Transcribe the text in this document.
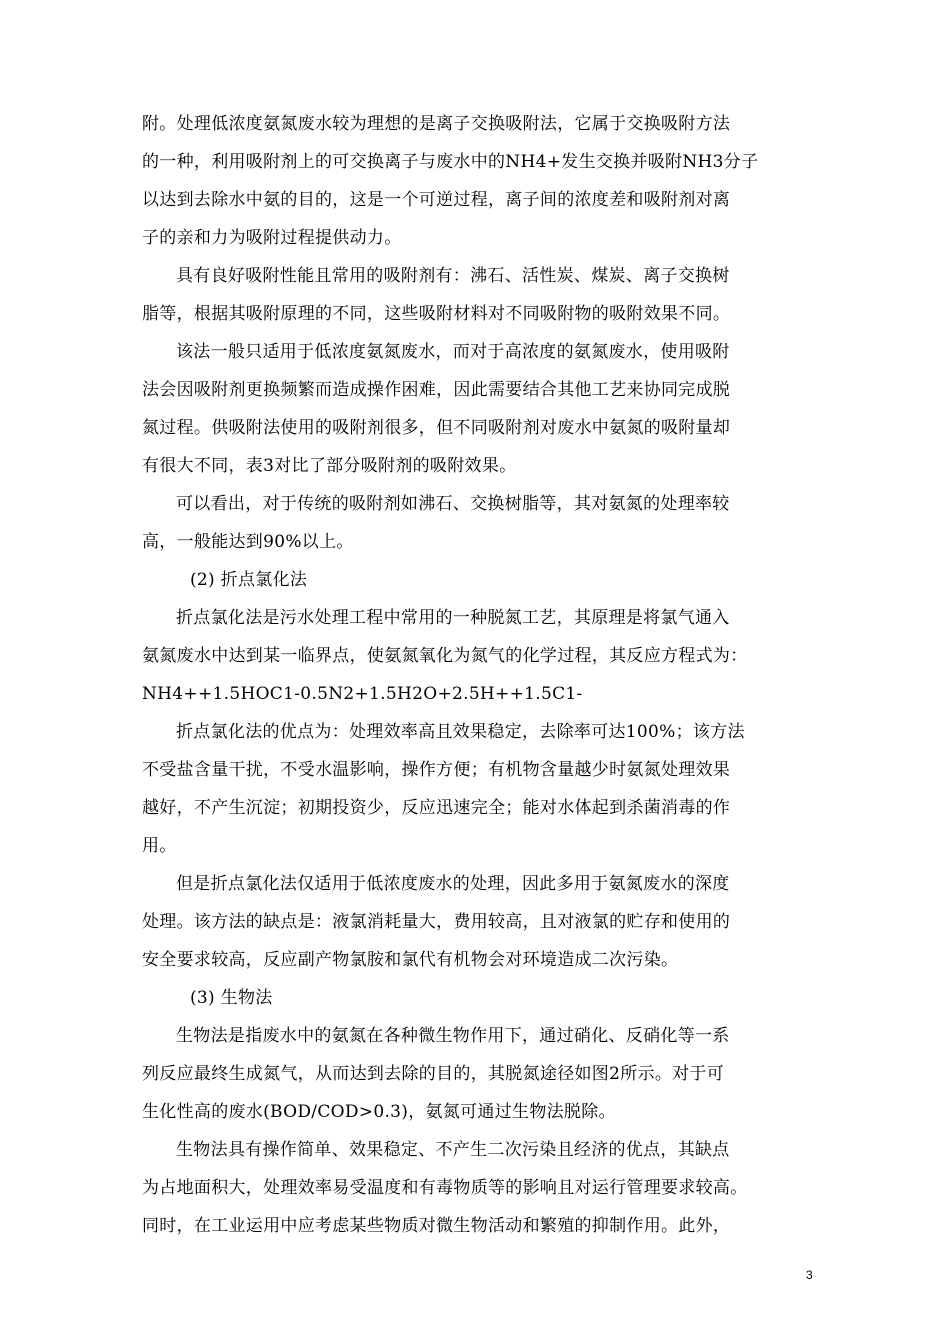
附。处理低浓度氨氮废水较为理想的是离子交换吸附法，它属于交换吸附方法
的一种，利用吸附剂上的可交换离子与废水中的NH4+发生交换并吸附NH3分子
以达到去除水中氨的目的，这是一个可逆过程，离子间的浓度差和吸附剂对离
子的亲和力为吸附过程提供动力。
具有良好吸附性能且常用的吸附剂有：沸石、活性炭、煤炭、离子交换树
脂等，根据其吸附原理的不同，这些吸附材料对不同吸附物的吸附效果不同。
该法一般只适用于低浓度氨氮废水，而对于高浓度的氨氮废水，使用吸附
法会因吸附剂更换频繁而造成操作困难，因此需要结合其他工艺来协同完成脱
氮过程。供吸附法使用的吸附剂很多，但不同吸附剂对废水中氨氮的吸附量却
有很大不同，表3对比了部分吸附剂的吸附效果。
可以看出，对于传统的吸附剂如沸石、交换树脂等，其对氨氮的处理率较
高，一般能达到90%以上。
(2) 折点氯化法
折点氯化法是污水处理工程中常用的一种脱氮工艺，其原理是将氯气通入
氨氮废水中达到某一临界点，使氨氮氧化为氮气的化学过程，其反应方程式为：
NH4++1.5HOC1-0.5N2+1.5H2O+2.5H++1.5C1-
折点氯化法的优点为：处理效率高且效果稳定，去除率可达100%；该方法
不受盐含量干扰，不受水温影响，操作方便；有机物含量越少时氨氮处理效果
越好，不产生沉淀；初期投资少，反应迅速完全；能对水体起到杀菌消毒的作
用。
但是折点氯化法仅适用于低浓度废水的处理，因此多用于氨氮废水的深度
处理。该方法的缺点是：液氯消耗量大，费用较高，且对液氯的贮存和使用的
安全要求较高，反应副产物氯胺和氯代有机物会对环境造成二次污染。
(3) 生物法
生物法是指废水中的氨氮在各种微生物作用下，通过硝化、反硝化等一系
列反应最终生成氮气，从而达到去除的目的，其脱氮途径如图2所示。对于可
生化性高的废水(BOD/COD>0.3)，氨氮可通过生物法脱除。
生物法具有操作简单、效果稳定、不产生二次污染且经济的优点，其缺点
为占地面积大，处理效率易受温度和有毒物质等的影响且对运行管理要求较高。
同时，在工业运用中应考虑某些物质对微生物活动和繁殖的抑制作用。此外，
3
